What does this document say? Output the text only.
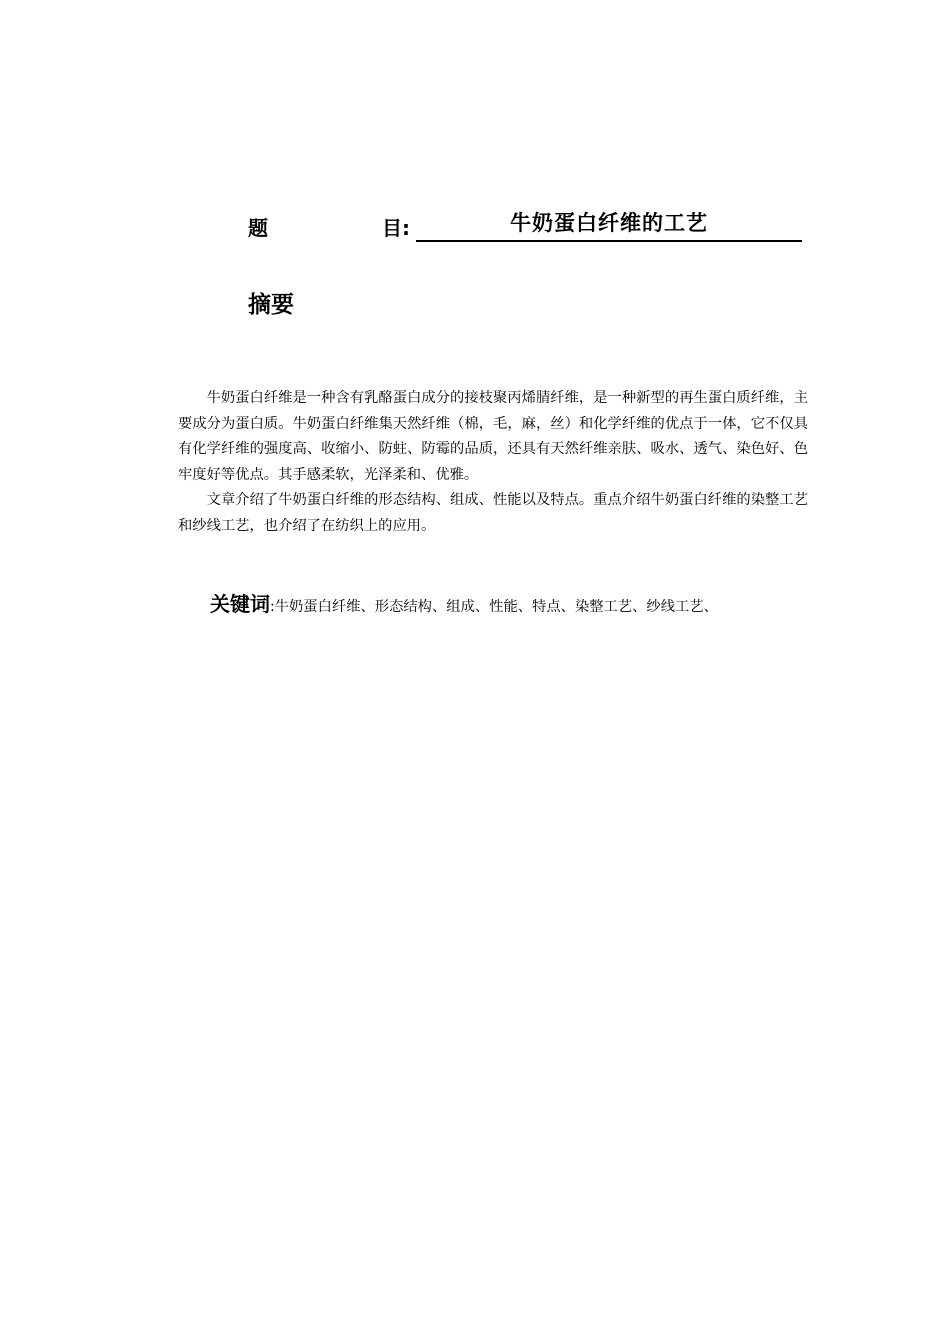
题	目:	牛奶蛋白纤维的工艺
摘要

牛奶蛋白纤维是一种含有乳酪蛋白成分的接枝聚丙烯腈纤维，是一种新型的再生蛋白质纤维，主要成分为蛋白质。牛奶蛋白纤维集天然纤维（棉，毛，麻，丝）和化学纤维的优点于一体，它不仅具有化学纤维的强度高、收缩小、防蛀、防霉的品质，还具有天然纤维亲肤、吸水、透气、染色好、色牢度好等优点。其手感柔软，光泽柔和、优雅。

文章介绍了牛奶蛋白纤维的形态结构、组成、性能以及特点。重点介绍牛奶蛋白纤维的染整工艺和纱线工艺，也介绍了在纺织上的应用。

关键词:牛奶蛋白纤维、形态结构、组成、性能、特点、染整工艺、纱线工艺、
